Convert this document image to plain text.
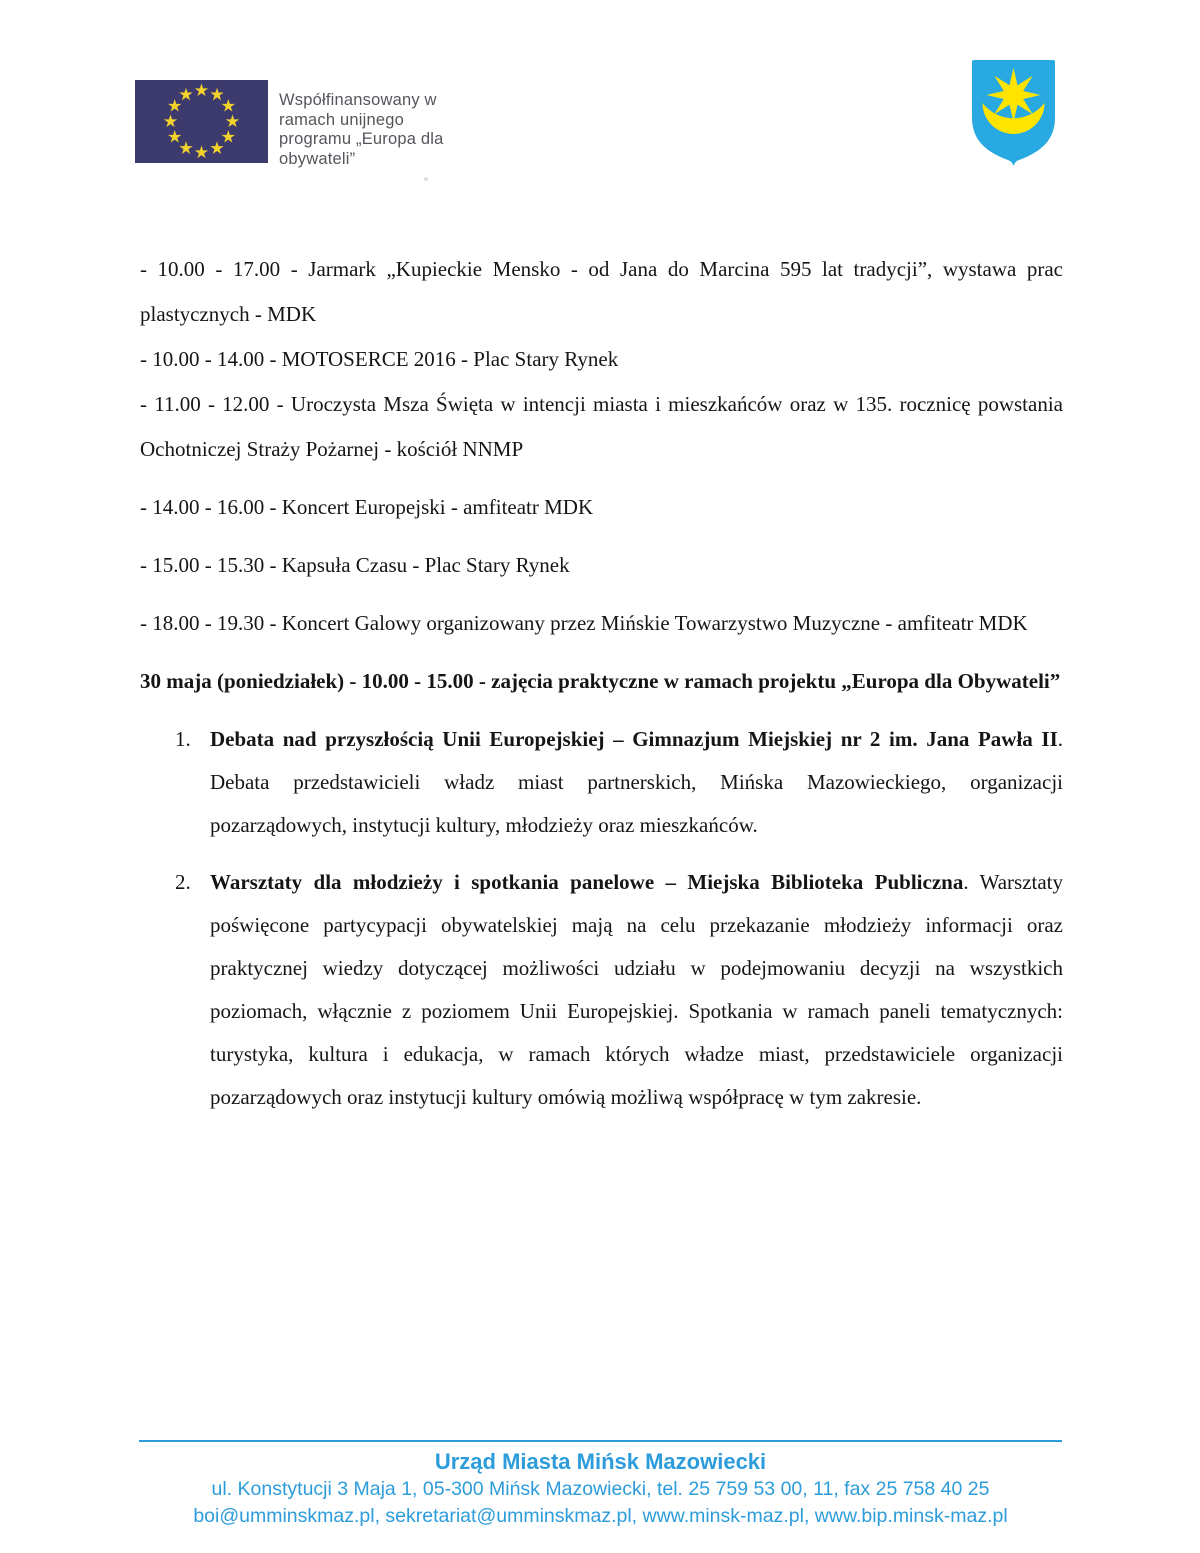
Współfinansowany w
ramach unijnego
programu „Europa dla
obywateli”

- 10.00 - 17.00 - Jarmark „Kupieckie Mensko - od Jana do Marcina 595 lat tradycji”, wystawa prac plastycznych - MDK

- 10.00 - 14.00 - MOTOSERCE 2016 - Plac Stary Rynek

- 11.00 - 12.00 - Uroczysta Msza Święta w intencji miasta i mieszkańców oraz w 135. rocznicę powstania Ochotniczej Straży Pożarnej - kościół NNMP

- 14.00 - 16.00 - Koncert Europejski - amfiteatr MDK

- 15.00 - 15.30 - Kapsuła Czasu - Plac Stary Rynek

- 18.00 - 19.30 - Koncert Galowy organizowany przez Mińskie Towarzystwo Muzyczne - amfiteatr MDK

30 maja (poniedziałek) - 10.00 - 15.00 - zajęcia praktyczne w ramach projektu „Europa dla Obywateli”

1. Debata nad przyszłością Unii Europejskiej – Gimnazjum Miejskiej nr 2 im. Jana Pawła II. Debata przedstawicieli władz miast partnerskich, Mińska Mazowieckiego, organizacji pozarządowych, instytucji kultury, młodzieży oraz mieszkańców.
2. Warsztaty dla młodzieży i spotkania panelowe – Miejska Biblioteka Publiczna. Warsztaty poświęcone partycypacji obywatelskiej mają na celu przekazanie młodzieży informacji oraz praktycznej wiedzy dotyczącej możliwości udziału w podejmowaniu decyzji na wszystkich poziomach, włącznie z poziomem Unii Europejskiej. Spotkania w ramach paneli tematycznych: turystyka, kultura i edukacja, w ramach których władze miast, przedstawiciele organizacji pozarządowych oraz instytucji kultury omówią możliwą współpracę w tym zakresie.
Urząd Miasta Mińsk Mazowiecki
ul. Konstytucji 3 Maja 1, 05-300 Mińsk Mazowiecki, tel. 25 759 53 00, 11, fax 25 758 40 25
boi@umminskmaz.pl, sekretariat@umminskmaz.pl, www.minsk-maz.pl, www.bip.minsk-maz.pl
